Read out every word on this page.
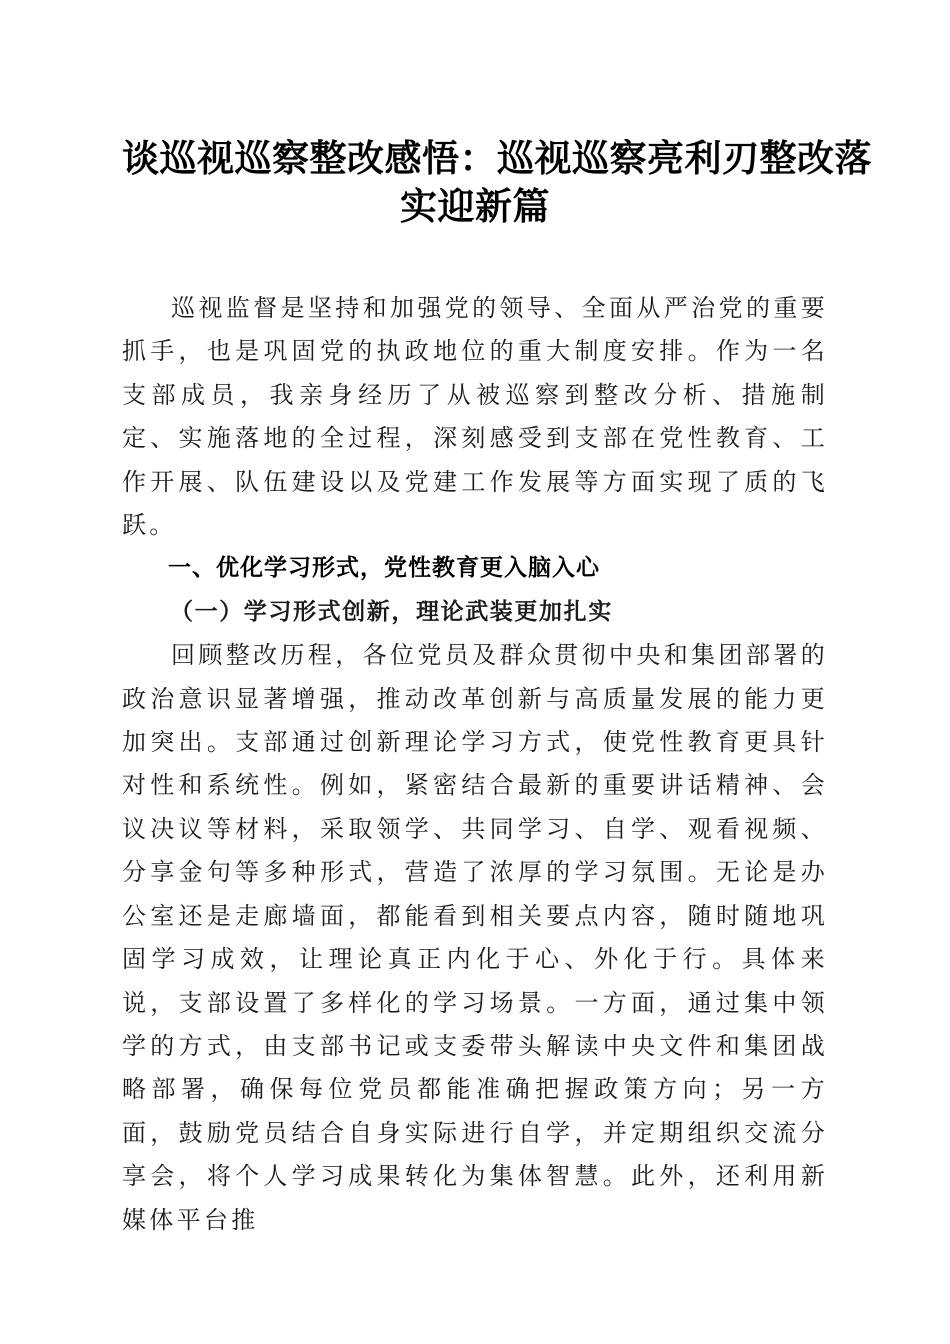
谈巡视巡察整改感悟：巡视巡察亮利刃整改落
实迎新篇

巡视监督是坚持和加强党的领导、全面从严治党的重要抓手，也是巩固党的执政地位的重大制度安排。作为一名支部成员，我亲身经历了从被巡察到整改分析、措施制定、实施落地的全过程，深刻感受到支部在党性教育、工作开展、队伍建设以及党建工作发展等方面实现了质的飞跃。

一、优化学习形式，党性教育更入脑入心
（一）学习形式创新，理论武装更加扎实

回顾整改历程，各位党员及群众贯彻中央和集团部署的政治意识显著增强，推动改革创新与高质量发展的能力更加突出。支部通过创新理论学习方式，使党性教育更具针对性和系统性。例如，紧密结合最新的重要讲话精神、会议决议等材料，采取领学、共同学习、自学、观看视频、分享金句等多种形式，营造了浓厚的学习氛围。无论是办公室还是走廊墙面，都能看到相关要点内容，随时随地巩固学习成效，让理论真正内化于心、外化于行。具体来说，支部设置了多样化的学习场景。一方面，通过集中领学的方式，由支部书记或支委带头解读中央文件和集团战略部署，确保每位党员都能准确把握政策方向；另一方面，鼓励党员结合自身实际进行自学，并定期组织交流分享会，将个人学习成果转化为集体智慧。此外，还利用新媒体平台推
